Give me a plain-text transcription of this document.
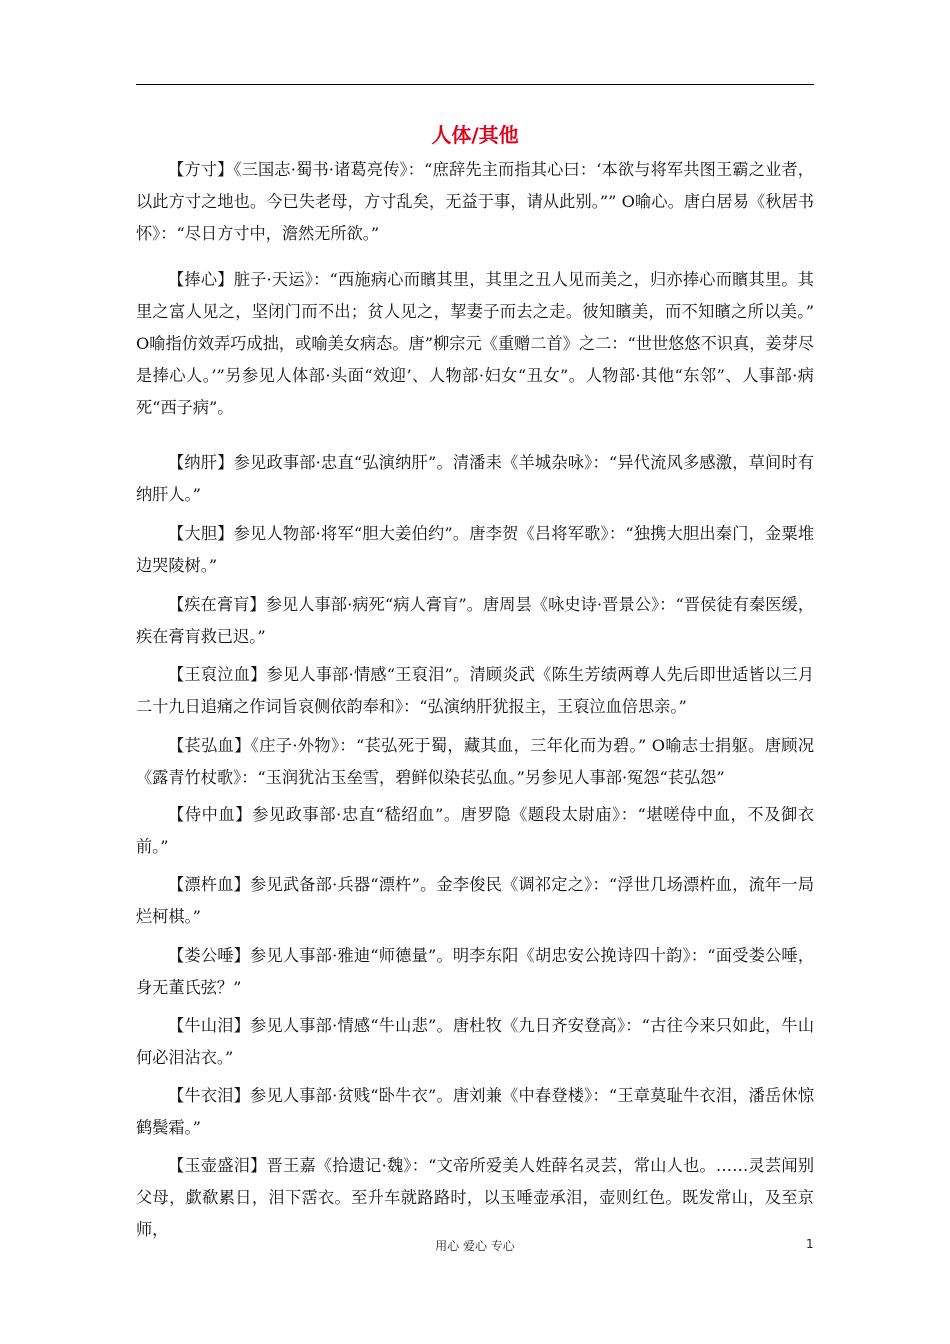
人体/其他

【方寸】《三国志·蜀书·诸葛亮传》：“庶辞先主而指其心曰：‘本欲与将军共图王霸之业者，以此方寸之地也。今已失老母，方寸乱矣，无益于事，请从此别。”” O喻心。唐白居易《秋居书怀》：“尽日方寸中，澹然无所欲。”

【捧心】脏子·天运》：“西施病心而矉其里，其里之丑人见而美之，归亦捧心而矉其里。其里之富人见之，坚闭门而不出；贫人见之，挈妻子而去之走。彼知矉美，而不知矉之所以美。” O喻指仿效弄巧成拙，或喻美女病态。唐”柳宗元《重赠二首》之二：“世世悠悠不识真，姜芽尽是捧心人。’”另参见人体部·头面“效迎’、人物部·妇女“丑女”。人物部·其他“东邻”、人事部·病死“西子病”。

【纳肝】参见政事部·忠直“弘演纳肝”。清潘耒《羊城杂咏》：“异代流风多感激，草间时有纳肝人。”

【大胆】参见人物部·将军“胆大姜伯约”。唐李贺《吕将军歌》：“独携大胆出秦门，金粟堆边哭陵树。”

【疾在膏肓】参见人事部·病死“病人膏肓”。唐周昙《咏史诗·晋景公》：“晋侯徒有秦医缓，疾在膏肓救已迟。”

【王裒泣血】参见人事部·情感“王裒泪”。清顾炎武《陈生芳绩两尊人先后即世适皆以三月二十九日追痛之作词旨哀侧依韵奉和》：“弘演纳肝犹报主，王裒泣血倍思亲。”

【苌弘血】《庄子·外物》：“苌弘死于蜀，藏其血，三年化而为碧。” O喻志士捐躯。唐顾况《露青竹杖歌》：“玉润犹沾玉垒雪，碧鲜似染苌弘血。”另参见人事部·冤怨“苌弘怨”

【侍中血】参见政事部·忠直“嵇绍血”。唐罗隐《题段太尉庙》：“堪嗟侍中血，不及御衣前。”

【漂杵血】参见武备部·兵器“漂杵”。金李俊民《调祁定之》：“浮世几场漂杵血，流年一局烂柯棋。”

【娄公唾】参见人事部·雅迪“师德量”。明李东阳《胡忠安公挽诗四十韵》：“面受娄公唾，身无董氏弦？”

【牛山泪】参见人事部·情感“牛山悲”。唐杜牧《九日齐安登高》：“古往今来只如此，牛山何必泪沾衣。”

【牛衣泪】参见人事部·贫贱“卧牛衣”。唐刘兼《中春登楼》：“王章莫耻牛衣泪，潘岳休惊鹤鬓霜。”

【玉壶盛泪】晋王嘉《拾遗记·魏》：“文帝所爱美人姓薛名灵芸，常山人也。……灵芸闻别父母，歔欷累日，泪下霑衣。至升车就路路时，以玉唾壶承泪，壶则红色。既发常山，及至京师，

用心 爱心 专心	1
